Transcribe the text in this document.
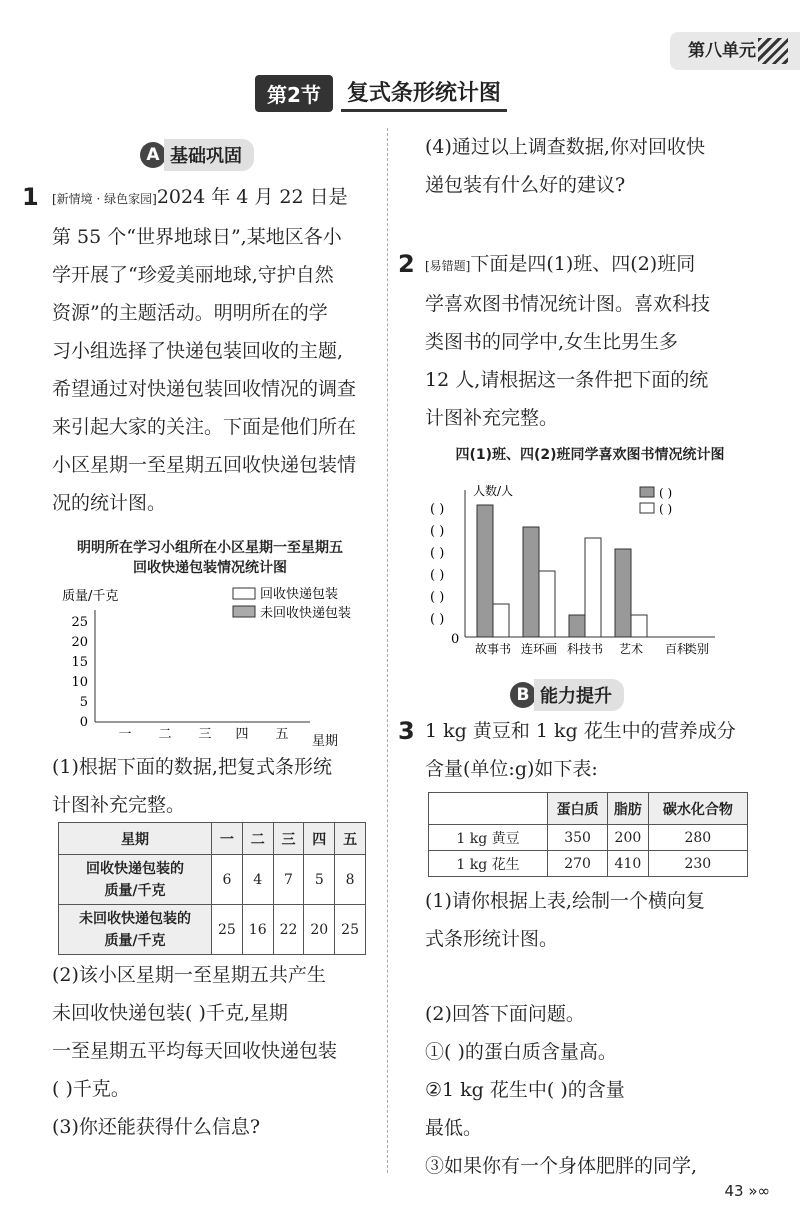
第八单元
第2节	复式条形统计图
A 基础巩固
1 [新情境 · 绿色家园]2024 年 4 月 22 日是
第 55 个“世界地球日”,某地区各小
学开展了“珍爱美丽地球,守护自然
资源”的主题活动。明明所在的学
习小组选择了快递包装回收的主题,
希望通过对快递包装回收情况的调查
来引起大家的关注。下面是他们所在
小区星期一至星期五回收快递包装情
况的统计图。
明明所在学习小组所在小区星期一至星期五
回收快递包装情况统计图
质量/千克	回收快递包装
未回收快递包装
25
20
15
10
5
0
一 二 三 四 五 星期
(1)根据下面的数据,把复式条形统
计图补充完整。
星期	一	二	三	四	五

回收快递包装的
质量/千克	6	4	7	5	8

未回收快递包装的
质量/千克	25	16	22	20	25
(2)该小区星期一至星期五共产生
未回收快递包装( )千克,星期
一至星期五平均每天回收快递包装
( )千克。
(3)你还能获得什么信息?
(4)通过以上调查数据,你对回收快
递包装有什么好的建议?
2 [易错题]下面是四(1)班、四(2)班同
学喜欢图书情况统计图。喜欢科技
类图书的同学中,女生比男生多
12 人,请根据这一条件把下面的统
计图补充完整。
四(1)班、四(2)班同学喜欢图书情况统计图
人数/人
( )
( )
( )
( )
( )
( )
0
( )
( )
故事书 连环画 科技书 艺术 百科
类别
B 能力提升
3 1 kg 黄豆和 1 kg 花生中的营养成分
含量(单位:g)如下表:
	蛋白质	脂肪	碳水化合物
1 kg 黄豆	350	200	280
1 kg 花生	270	410	230
(1)请你根据上表,绘制一个横向复
式条形统计图。
(2)回答下面问题。
①( )的蛋白质含量高。
②1 kg 花生中( )的含量
最低。
③如果你有一个身体肥胖的同学,
43 »∞
